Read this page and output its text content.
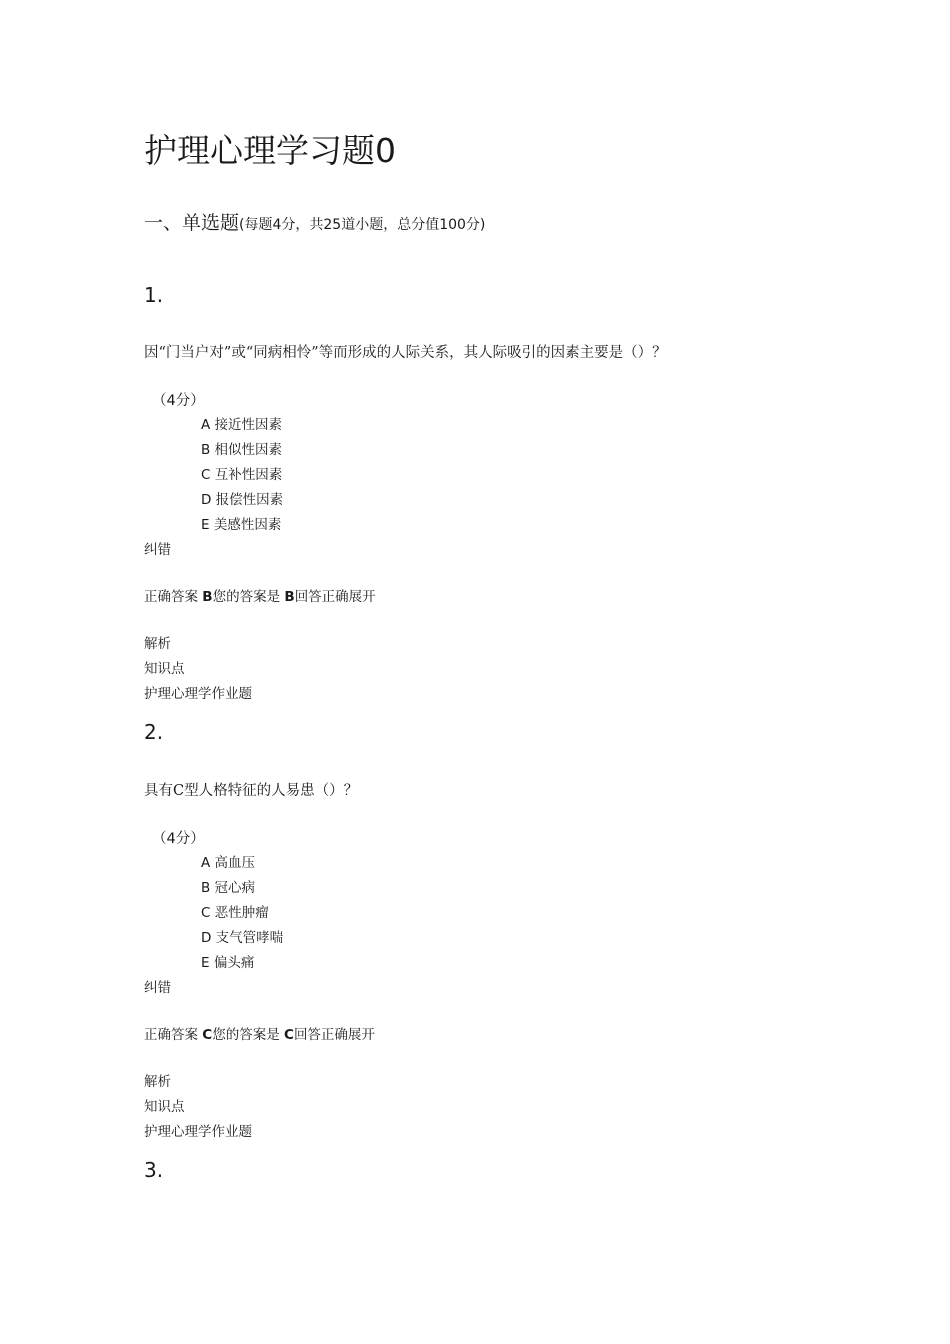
护理心理学习题0
一、单选题(每题4分，共25道小题，总分值100分)
1.
因“门当户对”或“同病相怜”等而形成的人际关系，其人际吸引的因素主要是（）？
（4分）
A 接近性因素
B 相似性因素
C 互补性因素
D 报偿性因素
E 美感性因素
纠错
正确答案 B您的答案是 B回答正确展开
解析
知识点
护理心理学作业题
2.
具有C型人格特征的人易患（）？
（4分）
A 高血压
B 冠心病
C 恶性肿瘤
D 支气管哮喘
E 偏头痛
纠错
正确答案 C您的答案是 C回答正确展开
解析
知识点
护理心理学作业题
3.
